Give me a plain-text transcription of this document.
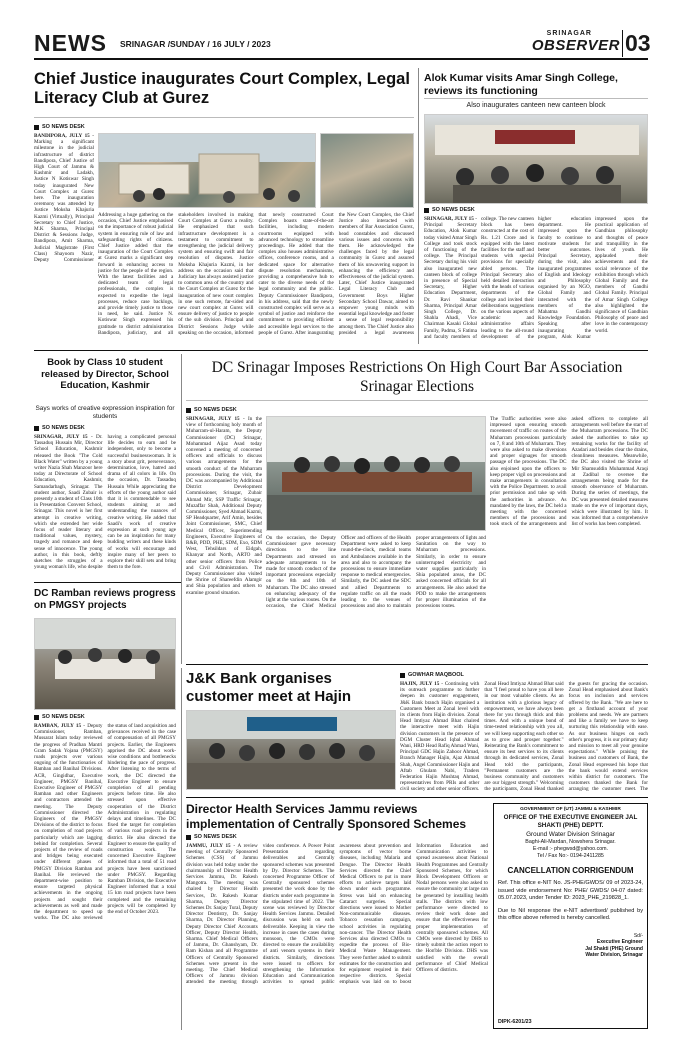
NEWS SRINAGAR /SUNDAY / 16 JULY / 2023
SRINAGAR
OBSERVER 03
Chief Justice inaugurates Court Complex, Legal Literacy Club at Gurez
SO NEWS DESK
BANDIPORA, JULY 15 - Marking a significant milestone in the judicial infrastructure of district Bandipora, Chief Justice of High Court of Jammu & Kashmir and Ladakh, Justice N Kotiswar Singh today inaugurated New Court Complex at Gurez here. The inauguration ceremony was attended by Justice Moksha Khajuria Kazmi (Virtually), Principal Secretary to Chief Justice, M.K Sharma, Principal District & Sessions Judge, Bandipora, Amit Sharma, Judicial Magistrate (First Class) Shayoom Nazir, Deputy Commissioner
Addressing a huge gathering on the occasion, Chief Justice emphasised on the importance of robust judicial system in ensuring rule of law and safeguarding rights of citizens. Chief Justice added that the inauguration of the Court Complex at Gurez marks a significant step forward in enhancing access to justice for the people of the region. With the latest facilities and a dedicated team of legal professionals, the complex is expected to expedite the legal processes, reduce case backlogs, and provide timely justice to those in need, he said. Justice N. Kotiswar Singh expressed his gratitude to district administration Bandipora, judiciary, and all stakeholders involved in making Court Complex at Gurez a reality. He emphasized that such infrastructure development is a testament to commitment to strengthening the judicial delivery system and ensuring swift and fair resolution of disputes. Justice Moksha Khajuria Kazmi, in her address on the occasion said that Judiciary has always assisted justice to common area of the country and the Court Complex at Gurez for the inauguration of new court complex in one such remote, far-sided and new court complex at Gurez will ensure delivery of justice to people of the sub division. Principal and District Sessions Judge while speaking on the occasion, informed that newly constructed Court Complex boasts state-of-the-art facilities, including modern courtrooms equipped with advanced technology to streamline proceedings. He added that the complex also houses administrative offices, conference rooms, and a dedicated space for alternative dispute resolution mechanisms, providing a comprehensive hub to cater to the diverse needs of the legal community and the public. Deputy Commissioner Bandipora, in his address, said that the newly constructed complex will serve as a symbol of justice and reinforce the commitment to providing efficient and accessible legal services to the people of Gurez. After inaugurating the New Court Complex, the Chief Justice also interacted with members of Bar Association Gurez, head constables and discussed various issues and concerns with them. He acknowledged the challenges faced by the legal community in Gurez and assured them of his unwavering support in enhancing the efficiency and effectiveness of the judicial system. Later, Chief Justice inaugurated Legal Literacy Club and Government Boys Higher Secondary School Dawar, aimed to empower young minds with essential legal knowledge and foster a sense of legal responsibility among them. The Chief Justice also presided a legal awareness
Alok Kumar visits Amar Singh College, reviews its functioning
Also inaugurates canteen new canteen block
SO NEWS DESK
SRINAGAR, JULY 15 - Principal Secretary Education, Alok Kumar today visited Amar Singh College and took stock of functioning of the college. The Principal Secretary during his visit also inaugurated new canteen block of college in presence of Special Secretary, Higher Education Department, Dr. Ravi Shankar Sharma, Principal Amar Singh College, Dr. Shahla Ahadi, Vice Chairman Kasaki Global Family, Padma, S Fatima and faculty members of college. The new canteen block has been constructed at the cost of Rs. 1.21 Crore and is equipped with the latest facilities for the staff and students with special provisions for specially abled persons. The Principal Secretary also held detailed interaction with the heads of various departments of the college and invited their deliberations suggestions on the various aspects of academic and administrative affairs leading to the all-round development of the higher education department. He impressed upon the faculty to continue to motivate students for better outcomes. Principal Secretary, during the visit, also inaugurated programmes of English and Ideology and Philosophy organised by an NGO, Global Family and interacted with the members of the Mahatma Gandhi Knowledge Foundation. Speaking after inaugurating the program, Alok Kumar impressed upon the practical application of Gandhian philosophy and thoughts of peace and tranquillity in the lives of youth. He applauded their achievements and the social relevance of the exhibition through which Global Family and the members of Gandhi Global Family. Principal of Amar Singh College also highlighted the significance of Gandhian Philosophy of peace and love in the contemporary world.
Book by Class 10 student released by Director, School Education, Kashmir
Says works of creative expression inspiration for students
SO NEWS DESK
SRINAGAR, JULY 15 - Dr. Tassaduq Hussain Mir, Director School Education, Kashmir released the Book "The Cold Black Water" written by a young writer Nazia Shah Manzoor here today at Directorate of School Education, Kashmir, Samandarbagh, Srinagar. The student author, Saadi Zubair is presently a student of Class 10th in Presentation Convent School, Srinagar. This novel is her first attempt in creative writing, which she extended her wide focus of reader literary and traditional values, mystery, tragedy and romance and deep sense of innocence. The young author, in this book, deftly sketches the struggles of a young woman's life, who despite having a complicated personal life decides to earn and be independent, only to become a successful businesswoman. It is a story about grit, perseverance, determination, love, hatred and drama of all colors in life. On the occasion, Dr. Tassaduq Hussain While appreciating the efforts of the young author said that it is commendable to see students aiming at and understanding the nuances of creative writing. He added that Saadi's work of creative expression at such young age can be an inspiration for many budding writers and these kinds of works will encourage and inspire many of her peers to explore their skill sets and bring them to the fore.
DC Srinagar Imposes Restrictions On High Court Bar Association Srinagar Elections
SO NEWS DESK
SRINAGAR, JULY 15 - In the view of forthcoming holy month of Muharram-ul-Haram, the Deputy Commissioner (DC) Srinagar, Mohammad Aijaz Asad today convened a meeting of concerned officers and officials to discuss various arrangements for the smooth conduct of the Muharram processions. During the visit, the DC was accompanied by Additional District Development Commissioner, Srinagar, Zubair Ahmad Mir, SSP Traffic Srinagar, Muzaffar Shah, Additional Deputy Commissioner, Syed Ahmad Kazmi, SP Headquarter, Arif Amin, besides Joint Commissioner, SMC, Chief Medical Officer, Superintending Engineers, Executive Engineers of R&B, PDD, PHE, SDM, Exo, SDM West, Tehsildars of Eidgah, Khanyar and North, ARTO and other senior officers from Police and Civil Administration. The Deputy Commissioner also visited the Shrine of Shareefdin Alamgir and Shia population and others to examine ground situation.
On the occasion, the Deputy Commissioner gave necessary directions to the line Departments and stressed on adequate arrangements to be made for smooth conduct of the important processions especially on the 8th and 10th of Muharram. The DC also stressed on enhancing adequacy of the light at the various routes. On the occasion, the Chief Medical Officer and officers of the Health Department were asked to keep round-the-clock, medical teams and Ambulances available in the area and also to accompany the processions to ensure immediate response to medical emergencies. Similarly, the DC asked the SDC and allied Departments to regulate traffic on all the roads leading to the venues of processions and also to maintain proper arrangements of lights and Sanitation on the way to Muharram processions. Similarly, in order to ensure uninterrupted electricity and water supplies particularly in Shia populated areas, the DC asked concerned officials for all arrangements. He also asked the PDD to make the arrangements for proper illumination of the processions routes.
The Traffic authorities were also impressed upon ensuring smooth movement of traffic on routes of the Muharram processions particularly on 7, 8 and 10th of Muharram. They were also asked to make diversions and proper signages for smooth passage of the processions. The DC also enjoined upon the officers to keep proper vigil on processions and make arrangements in consultation with the Police Department. to avail prior permission and take up with the authorities in advance. As mandated by the laws, the DC held a meeting with the concerned members of the processions and took stock of the arrangements and asked officers to complete all arrangements well before the start of the Muharram processions. The DC asked the authorities to take up remaining works for the facility of Azadari and besides clear the drains, cleanliness measures. Meanwhile, the DC also visited the Shrine of Mir Shamsuddin Muhammad Araqi at Zadibal to oversee the arrangements being made for the smooth observance of Muharram. During the series of meetings, the DC was presented detailed measures made on the eve of important days, which were illustrated by him. It was informed that a comprehensive list of works has been completed.
DC Ramban reviews progress on PMGSY projects
SO NEWS DESK
RAMBAN, JULY 15 - Deputy Commissioner, Ramban, Mussarat Islam today reviewed the progress of Pradhan Mantri Gram Sadak Yojana (PMGSY) roads projects over various ongoing of the functionaries of Ramban and Banihal Divisions. ACR, Gingidhar, Executive Engineer, PMGSY Banihal, Executive Engineer of PMGSY Ramban and other Engineers and contractors attended the meeting.	The Deputy Commissioner directed the Engineers of the PMGSY Divisions of the district to focus on completion of road projects particularly which are lagging behind for completion. Several projects of the review of roads and bridges being executed under different phases of PMGSY Division Ramban and Banihal. He reviewed the department-wise position to ensure targeted physical achievements in the ongoing projects and sought their achievements as well and made the department to speed up works. The DC also reviewed the status of land acquisition and grievances received in the case of compensation of all PMGSY projects. Earlier, the Engineers apprised the DC about work-wise conditions and bottlenecks hindering the pace of progress. After listening to the terms of work, the DC directed the Executive Engineer to ensure completion of all pending projects before time. He also stressed upon effective cooperation of the District Administration in regulating delays and timelines. The DC fixed the target for completion of various road projects in the district. He also directed the Engineer to ensure the quality of construction work. The concerned Executive Engineer informed that a total of 51 road projects have been sanctioned under PMGSY. Regarding Ramban Division, the Executive Engineer informed that a total 15 km road projects have been completed and the remaining projects will be completed by the end of October 2023.
J&K Bank organises customer meet at Hajin
GOWHAR MAQBOOL
HAJIN, JULY 15 - Continuing with its outreach programme to further deepen its customer engagement, J&K Bank branch Hajin organised a Customers Meet at Zonal level with its clients from Hajin division. Zonal Head Imtiyaz Ahmad Bhat chaired the interactive meet with Hajin division customers in the presence of DGM Cluster Head Iqbal Ahmad Wani, HRD Head Rafiq Ahmad Wani, Principal GDC Hajin Zahoor Ahmad, Branch Manager Hajin, Ajaz Ahmad Shah, Angel Commissioner Hajin and Aftab Ghulam Nabi, Traders Federation Hajin Mushtaq Ahmad, representatives from PRIs and other civil society and other senior officers. Zonal Head Imtiyaz Ahmad Bhat said that "I feel proud to have you all here in our most valuable clients. As an institution with a glorious legacy of empowerment, we have always been there for you through thick and thin times. And with a unique bond of time-tested relationship with you all, we will keep supporting each other so as to grow and prosper together." Reiterating the Bank's commitment to ensure its best services to its clients through its dedicated services, Zonal Head told the participants, "Permanent customers are the business community and customers are our biggest strength." Welcoming the participants, Zonal Head thanked the guests for gracing the occasion. Zonal Head emphasised about Bank's focus on inclusion and services offered by the Bank. "We are here to get a firsthand account of your problems and needs. We are partners and like a family we have to keep nurturing this relationship with ease. As our business hinges on each other's progress, it is our primary duty and mission to meet all your genuine expectations." While praising the business and customers of Bank, the Zonal Head expressed his hope that the bank would extend services within district for customers. The customers thanked the Bank for arranging the customer meet. The
Director Health Services Jammu reviews implementation of Centrally Sponsored Schemes
SO NEWS DESK
JAMMU, JULY 15 - A review meeting of Centrally Sponsored Schemes (CSS) of Jammu division was held today under the chairmanship of Director Health Services Jammu, Dr. Rakesh Mangotra. The meeting was chaired by Director Health Services, Dr. Rakesh Kumar Sharma, Deputy Director Schemes Dr. Sanjay Tural, Deputy Director Dentistry, Dr. Sanjay Sharma, Dr. Director Planning, Deputy Director Chief Accounts Officer, Deputy Director Health, Sharma. Chief Medical Officers of Jammu, Dr. Ghanshyam, Dr. Ram Kishan and all Programme Officers of Centrally Sponsored Schemes were present in the meeting. The Chief Medical Officers of Jammu division attended the meeting through video conference. A Power Point Presentation regarding deliverables and Centrally sponsored schemes was presented by Dy. Director Schemes. The concerned Programme Officer of Centrally sponsored schemes presented the work done by the districts under each programme in the stipulated time of 2022. The scene was reviewed by Director Health Services Jammu. Detailed discussion was held on each deliverable. Keeping in view the increase in cases the cases during monsoon, the CMOs were directed to ensure the availability of anti venom systems in their districts. Similarly, directions were issued to officers for strengthening the Information Education and Communication activities to spread public awareness about prevention and symptoms of vector borne diseases, including Malaria and Dengue. The Director Health Services directed the Chief Medical Officers to put in more efforts to achieve targets laid down under each programme. Stress was laid on enhancing Cataract surgeries. Special directions were issued to Mother Non-communicable diseases. Tobacco cessation campaign, school activities in regulating non-cancer. The Director Health Services also directed CMOs to expedite the process of Bio-Medical Waste Management. They were further asked to submit estimates for the construction and for equipment required in their respective districts. Special emphasis was laid on to boost Information Education and Communication activities to spread awareness about National Health Programmes and Centrally Sponsored Schemes, for which Block Development Officers or Nodal persons were also asked to ensure the community at large can be generated by installing health stalls. The districts with low performance were directed to review their work done and ensure that the effectiveness for proper implementation of centrally sponsored schemes. All CMOs were directed by DHS to timely submit the action report to the Hon'ble Division. DHS was satisfied with the overall performance of Chief Medical Officers of districts.
GOVERNMENT OF (UT) JAMMU & KASHMIR
OFFICE OF THE EXECUTIVE ENGINEER JAL SHAKTI (PHE) DEPTT.
Ground Water Division Srinagar
Baghi-Ali-Mardan, Nowshera Srinagar.
E-mail :- phegwsd@yahoo.com.
Tel / Fax No:- 0194-2411285
CANCELLATION CORRIGENDUM
Ref. This office e-NIT No. JS-PHE/GWDS/ 09 of 2023-24, issued vide endorsement No: PHE/ GWDS/ 04-07 dated: 05.07.2023, under Tender ID: 2023_PHE_219828_1.
Due to Nil response the e-NIT advertised/ published by this office above referred is hereby cancelled.
Sd/-
Executive Engineer
Jal Shakti (PHE) Ground
Water Division, Srinagar
DIPK-6201/23
